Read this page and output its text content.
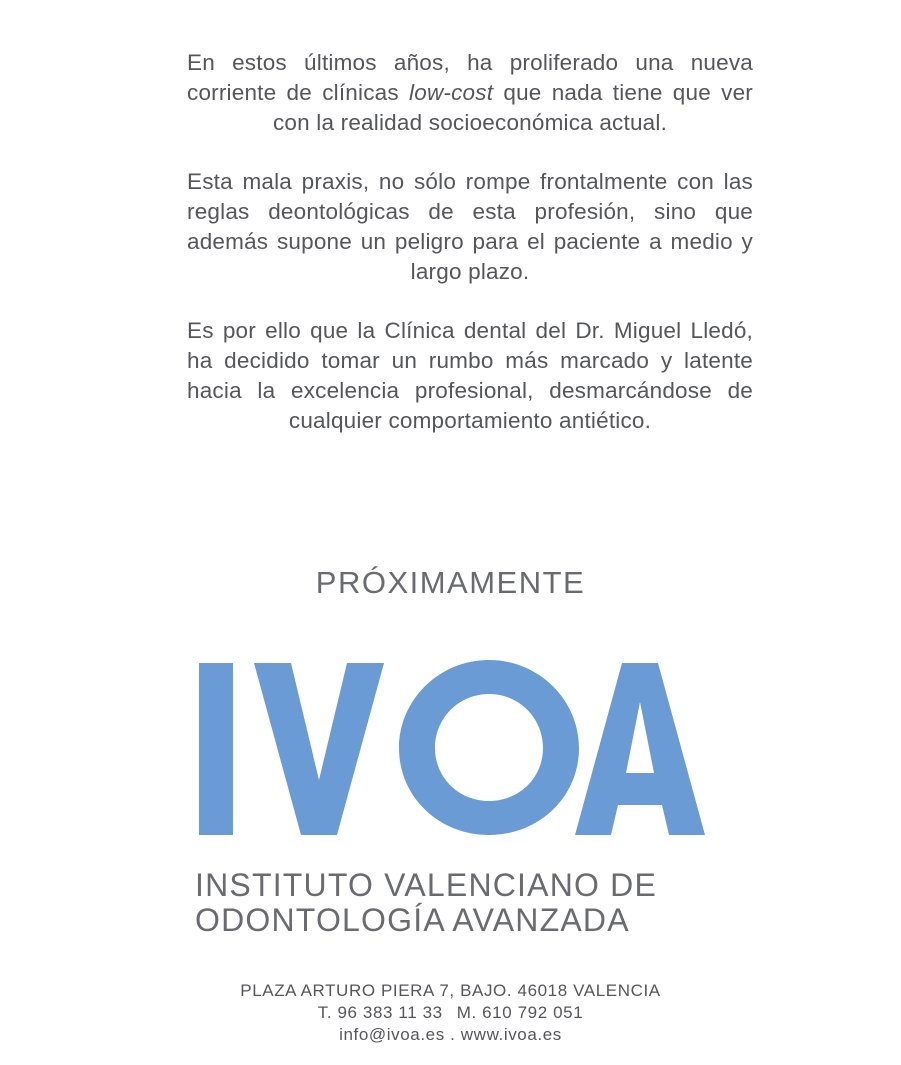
En estos últimos años, ha proliferado una nueva corriente de clínicas low-cost que nada tiene que ver con la realidad socioeconómica actual.

Esta mala praxis, no sólo rompe frontalmente con las reglas deontológicas de esta profesión, sino que además supone un peligro para el paciente a medio y largo plazo.

Es por ello que la Clínica dental del Dr. Miguel Lledó, ha decidido tomar un rumbo más marcado y latente hacia la excelencia profesional, desmarcándose de cualquier comportamiento antiético.

PRÓXIMAMENTE
INSTITUTO VALENCIANO DE
ODONTOLOGÍA AVANZADA
PLAZA ARTURO PIERA 7, BAJO. 46018 VALENCIA
T. 96 383 11 33 M. 610 792 051
info@ivoa.es . www.ivoa.es
